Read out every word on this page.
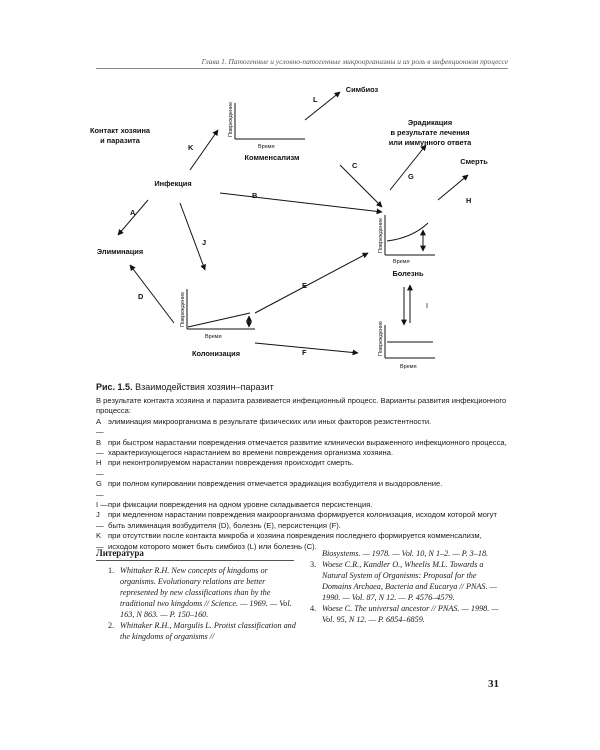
Глава 1. Патогенные и условно-патогенные микроорганизмы и их роль в инфекционном процессе
Повреждение
Время
Повреждение
Время
Повреждение
Время
Повреждение
Время
Контакт хозяина
и паразита
Инфекция
Элиминация
Колонизация
Комменсализм
Симбиоз
Эрадикация
в результате лечения
или иммунного ответа
Смерть
Болезнь
K
L
C
B
A
J
D
E
F
G
H
I
Рис. 1.5. Взаимодействия хозяин–паразит

В результате контакта хозяина и паразита развивается инфекционный процесс. Варианты развития инфекционного процесса:

A —
элиминация микроорганизма в результате физических или иных факторов резистентности.
B —
при быстром нарастании повреждения отмечается развитие клинически выраженного инфекционного процесса, характеризующегося нарастанием во времени повреждения организма хозяина.
H —
при неконтролируемом нарастании повреждения происходит смерть.
G —
при полном купировании повреждения отмечается эрадикация возбудителя и выздоровление.
I — при фиксации повреждения на одном уровне складывается персистенция.
J —
при медленном нарастании повреждения макроорганизма формируется колонизация, исходом которой могут быть элиминация возбудителя (D), болезнь (E), персистенция (F).
K —
при отсутствии после контакта микроба и хозяина повреждения последнего формируется комменсализм, исходом которого может быть симбиоз (L) или болезнь (C).
Литература
1. Whittaker R.H. New concepts of kingdoms or organisms. Evolutionary relations are better represented by new classifications than by the traditional two kingdoms // Science. — 1969. — Vol. 163, N 863. — P. 150–160.
2. Whittaker R.H., Margulis L. Protist classification and the kingdoms of organisms //
Biosystems. — 1978. — Vol. 10, N 1–2. — P. 3–18.
3. Woese C.R., Kandler O., Wheelis M.L. Towards a Natural System of Organisms: Proposal for the Domains Archaea, Bacteria and Eucarya // PNAS. — 1990. — Vol. 87, N 12. — P. 4576–4579.
4. Woese C. The universal ancestor // PNAS. — 1998. — Vol. 95, N 12. — P. 6854–6859.
31
